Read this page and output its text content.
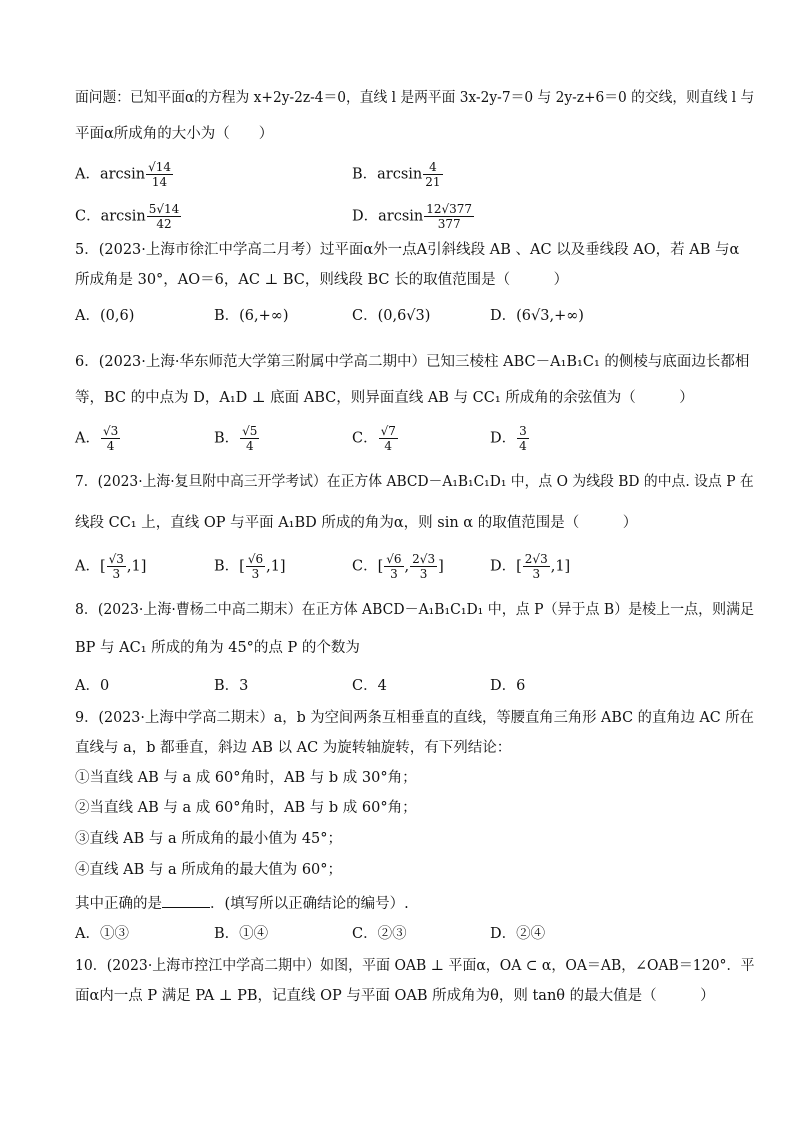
面问题：已知平面α的方程为 x+2y-2z-4＝0，直线 l 是两平面 3x-2y-7＝0 与 2y-z+6＝0 的交线，则直线 l 与
平面α所成角的大小为（　　）
A．$\arcsin \frac{√14}{14}$	B．$\arcsin \frac{4}{21}$
C．$\arcsin \frac{5√14}{42}$	D．$\arcsin \frac{12√377}{377}$
5．(2023·上海市徐汇中学高二月考）过平面α外一点A引斜线段 AB 、AC 以及垂线段 AO，若 AB 与α
所成角是 30°，AO＝6，AC ⊥ BC，则线段 BC 长的取值范围是（　　　）
A．(0,6)	B．(6,+∞)	C．(0,6√3)	D．(6√3,+∞)
6．(2023·上海·华东师范大学第三附属中学高二期中）已知三棱柱 ABC－A₁B₁C₁ 的侧棱与底面边长都相
等，BC 的中点为 D，A₁D ⊥ 底面 ABC，则异面直线 AB 与 CC₁ 所成角的余弦值为（　　　）
A． $\frac{√3}{4}$	B． $\frac{√5}{4}$	C． $\frac{√7}{4}$	D． $\frac{3}{4}$
7．(2023·上海·复旦附中高三开学考试）在正方体 ABCD－A₁B₁C₁D₁ 中，点 O 为线段 BD 的中点. 设点 P 在
线段 CC₁ 上，直线 OP 与平面 A₁BD 所成的角为α，则 sin α 的取值范围是（　　　）
A．[ $\frac{√3}{3} ,1$]	B．[ $\frac{√6}{3} ,1$]	C．[ $\frac{√6}{3}$ , $\frac{2√3}{3}$ ]	D．[ $\frac{2√3}{3} ,1$]
8．(2023·上海·曹杨二中高二期末）在正方体 ABCD－A₁B₁C₁D₁ 中，点 P（异于点 B）是棱上一点，则满足
BP 与 AC₁ 所成的角为 45°的点 P 的个数为
A．0	B．3	C．4	D．6
9．(2023·上海中学高二期末）a，b 为空间两条互相垂直的直线，等腰直角三角形 ABC 的直角边 AC 所在
直线与 a，b 都垂直，斜边 AB 以 AC 为旋转轴旋转，有下列结论：
①当直线 AB 与 a 成 60°角时，AB 与 b 成 30°角；
②当直线 AB 与 a 成 60°角时，AB 与 b 成 60°角；
③直线 AB 与 a 所成角的最小值为 45°；
④直线 AB 与 a 所成角的最大值为 60°；
其中正确的是	．(填写所以正确结论的编号）.
A．①③	B．①④	C．②③	D．②④
10．(2023·上海市控江中学高二期中）如图，平面 OAB ⊥ 平面α，OA ⊂ α，OA＝AB，∠OAB＝120°．平
面α内一点 P 满足 PA ⊥ PB，记直线 OP 与平面 OAB 所成角为θ，则 tanθ 的最大值是（　　　）
